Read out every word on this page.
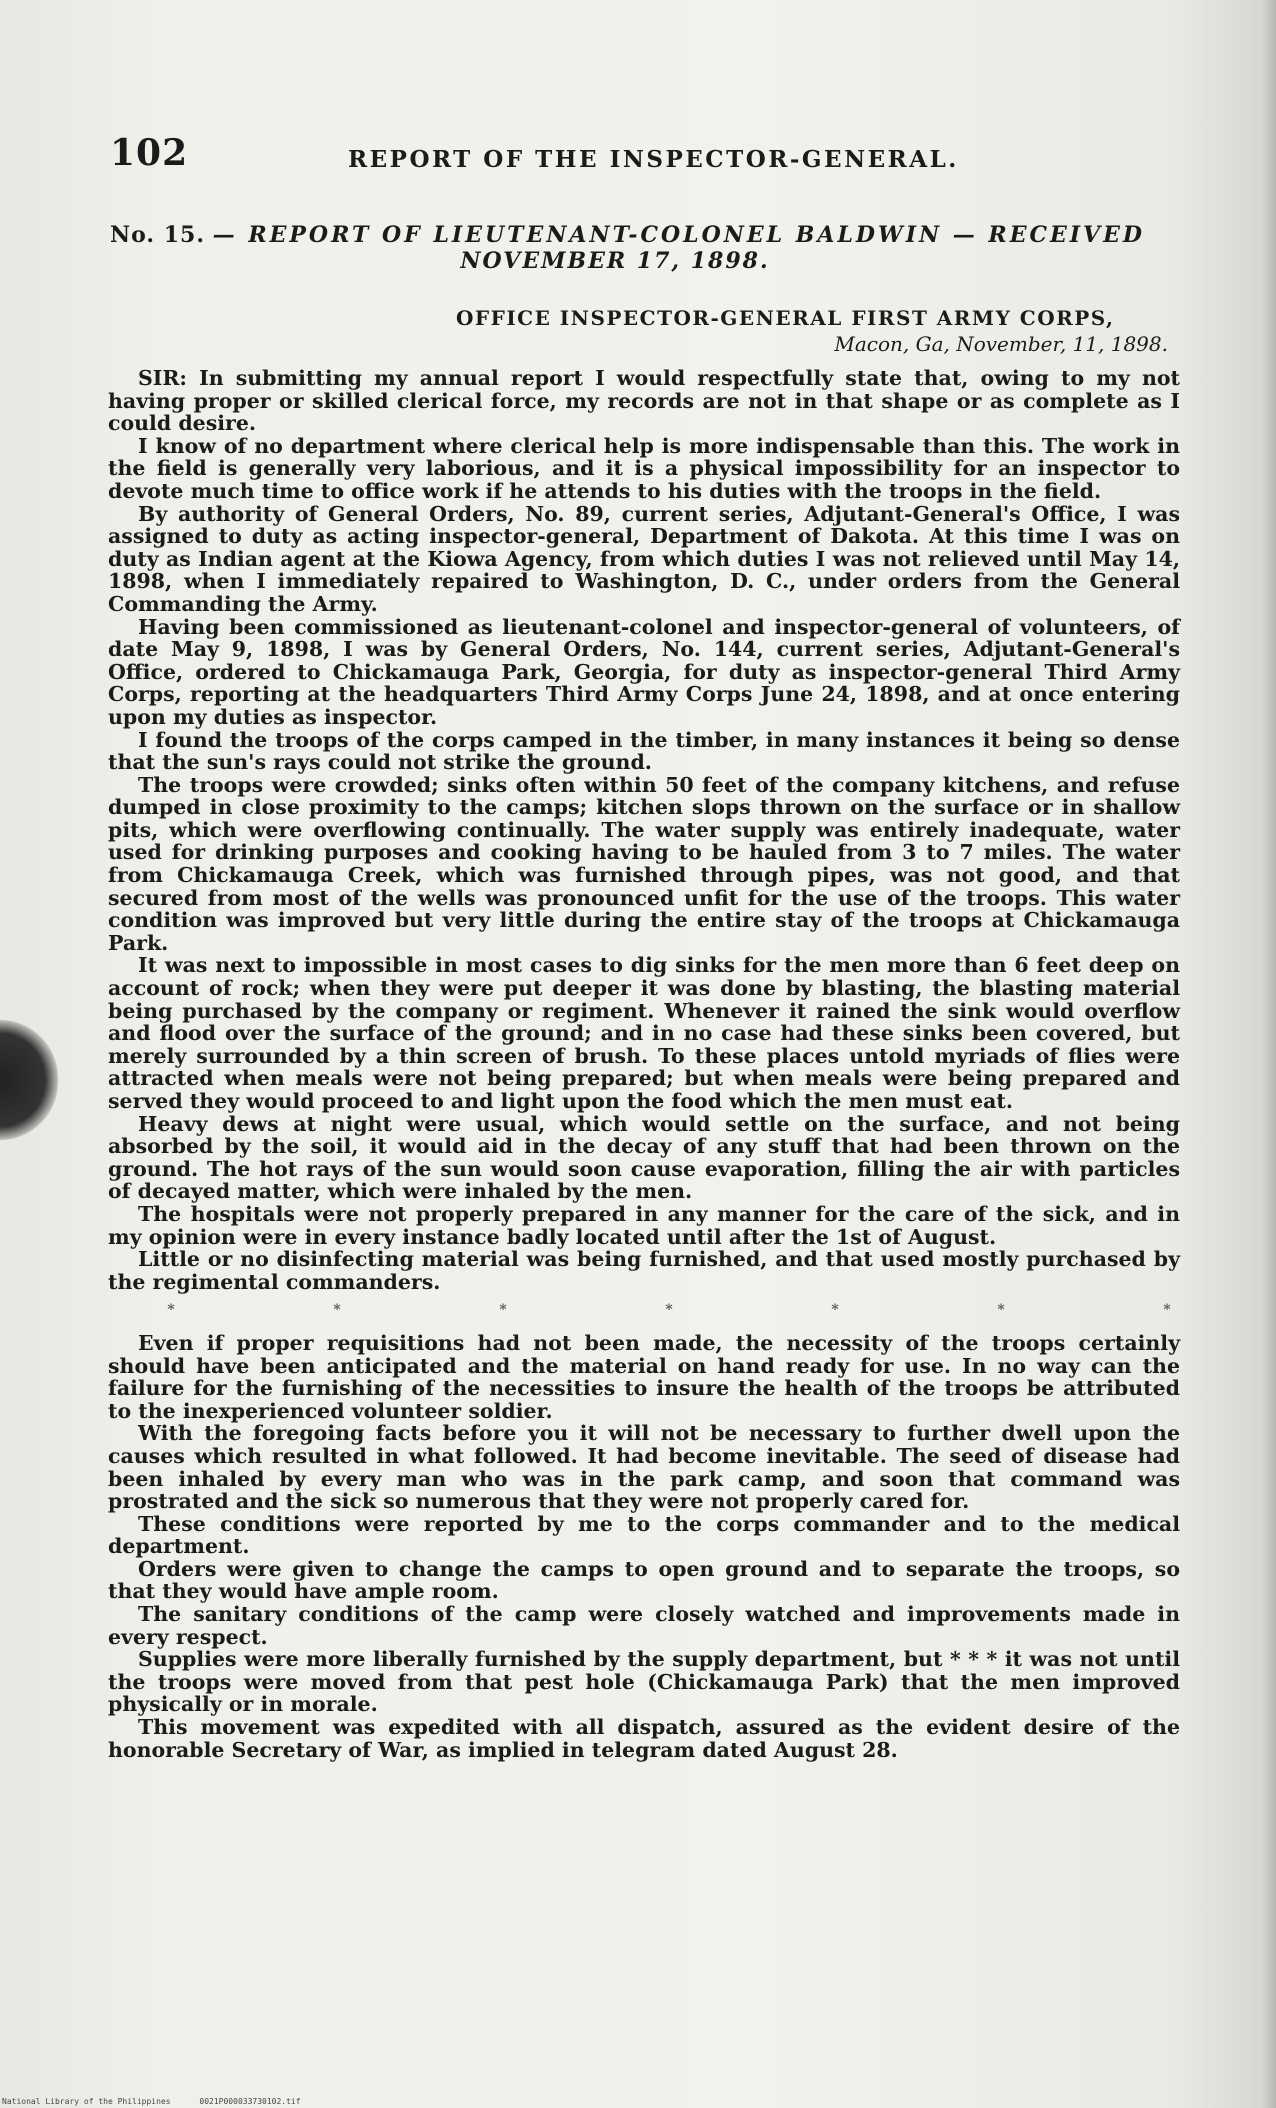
102	REPORT OF THE INSPECTOR-GENERAL.
No. 15. — REPORT OF LIEUTENANT-COLONEL BALDWIN — RECEIVED
NOVEMBER 17, 1898.
OFFICE INSPECTOR-GENERAL FIRST ARMY CORPS,
Macon, Ga, November, 11, 1898.

SIR: In submitting my annual report I would respectfully state that, owing to my not having proper or skilled clerical force, my records are not in that shape or as complete as I could desire.

I know of no department where clerical help is more indispensable than this. The work in the field is generally very laborious, and it is a physical impossibility for an inspector to devote much time to office work if he attends to his duties with the troops in the field.

By authority of General Orders, No. 89, current series, Adjutant-General's Office, I was assigned to duty as acting inspector-general, Department of Dakota. At this time I was on duty as Indian agent at the Kiowa Agency, from which duties I was not relieved until May 14, 1898, when I immediately repaired to Washington, D. C., under orders from the General Commanding the Army.

Having been commissioned as lieutenant-colonel and inspector-general of volunteers, of date May 9, 1898, I was by General Orders, No. 144, current series, Adjutant-General's Office, ordered to Chickamauga Park, Georgia, for duty as inspector-general Third Army Corps, reporting at the headquarters Third Army Corps June 24, 1898, and at once entering upon my duties as inspector.

I found the troops of the corps camped in the timber, in many instances it being so dense that the sun's rays could not strike the ground.

The troops were crowded; sinks often within 50 feet of the company kitchens, and refuse dumped in close proximity to the camps; kitchen slops thrown on the surface or in shallow pits, which were overflowing continually. The water supply was entirely inadequate, water used for drinking purposes and cooking having to be hauled from 3 to 7 miles. The water from Chickamauga Creek, which was furnished through pipes, was not good, and that secured from most of the wells was pronounced unfit for the use of the troops. This water condition was improved but very little during the entire stay of the troops at Chickamauga Park.

It was next to impossible in most cases to dig sinks for the men more than 6 feet deep on account of rock; when they were put deeper it was done by blasting, the blasting material being purchased by the company or regiment. Whenever it rained the sink would overflow and flood over the surface of the ground; and in no case had these sinks been covered, but merely surrounded by a thin screen of brush. To these places untold myriads of flies were attracted when meals were not being prepared; but when meals were being prepared and served they would proceed to and light upon the food which the men must eat.

Heavy dews at night were usual, which would settle on the surface, and not being absorbed by the soil, it would aid in the decay of any stuff that had been thrown on the ground. The hot rays of the sun would soon cause evaporation, filling the air with particles of decayed matter, which were inhaled by the men.

The hospitals were not properly prepared in any manner for the care of the sick, and in my opinion were in every instance badly located until after the 1st of August.

Little or no disinfecting material was being furnished, and that used mostly purchased by the regimental commanders.

*	*	*	*	*	*	*

Even if proper requisitions had not been made, the necessity of the troops certainly should have been anticipated and the material on hand ready for use. In no way can the failure for the furnishing of the necessities to insure the health of the troops be attributed to the inexperienced volunteer soldier.

With the foregoing facts before you it will not be necessary to further dwell upon the causes which resulted in what followed. It had become inevitable. The seed of disease had been inhaled by every man who was in the park camp, and soon that command was prostrated and the sick so numerous that they were not properly cared for.

These conditions were reported by me to the corps commander and to the medical department.

Orders were given to change the camps to open ground and to separate the troops, so that they would have ample room.

The sanitary conditions of the camp were closely watched and improvements made in every respect.

Supplies were more liberally furnished by the supply department, but * * * it was not until the troops were moved from that pest hole (Chickamauga Park) that the men improved physically or in morale.

This movement was expedited with all dispatch, assured as the evident desire of the honorable Secretary of War, as implied in telegram dated August 28.

National Library of the Philippines	0021P000033730102.tif
